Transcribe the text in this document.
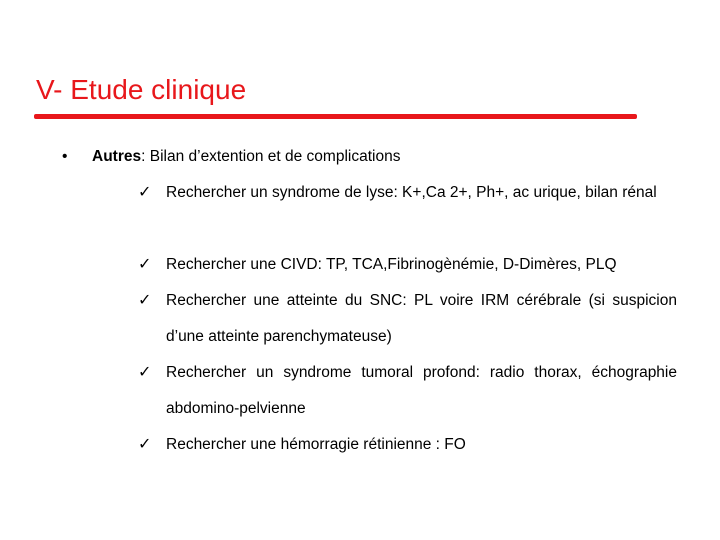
V- Etude clinique
• Autres: Bilan d’extention et de complications
✓ Rechercher un syndrome de lyse: K+,Ca 2+, Ph+, ac urique, bilan rénal
✓ Rechercher une CIVD: TP, TCA,Fibrinogènémie, D-Dimères, PLQ
✓ Rechercher une atteinte du SNC: PL voire IRM cérébrale (si suspicion d’une atteinte parenchymateuse)
✓ Rechercher un syndrome tumoral profond: radio thorax, échographie abdomino-pelvienne
✓ Rechercher une hémorragie rétinienne : FO
